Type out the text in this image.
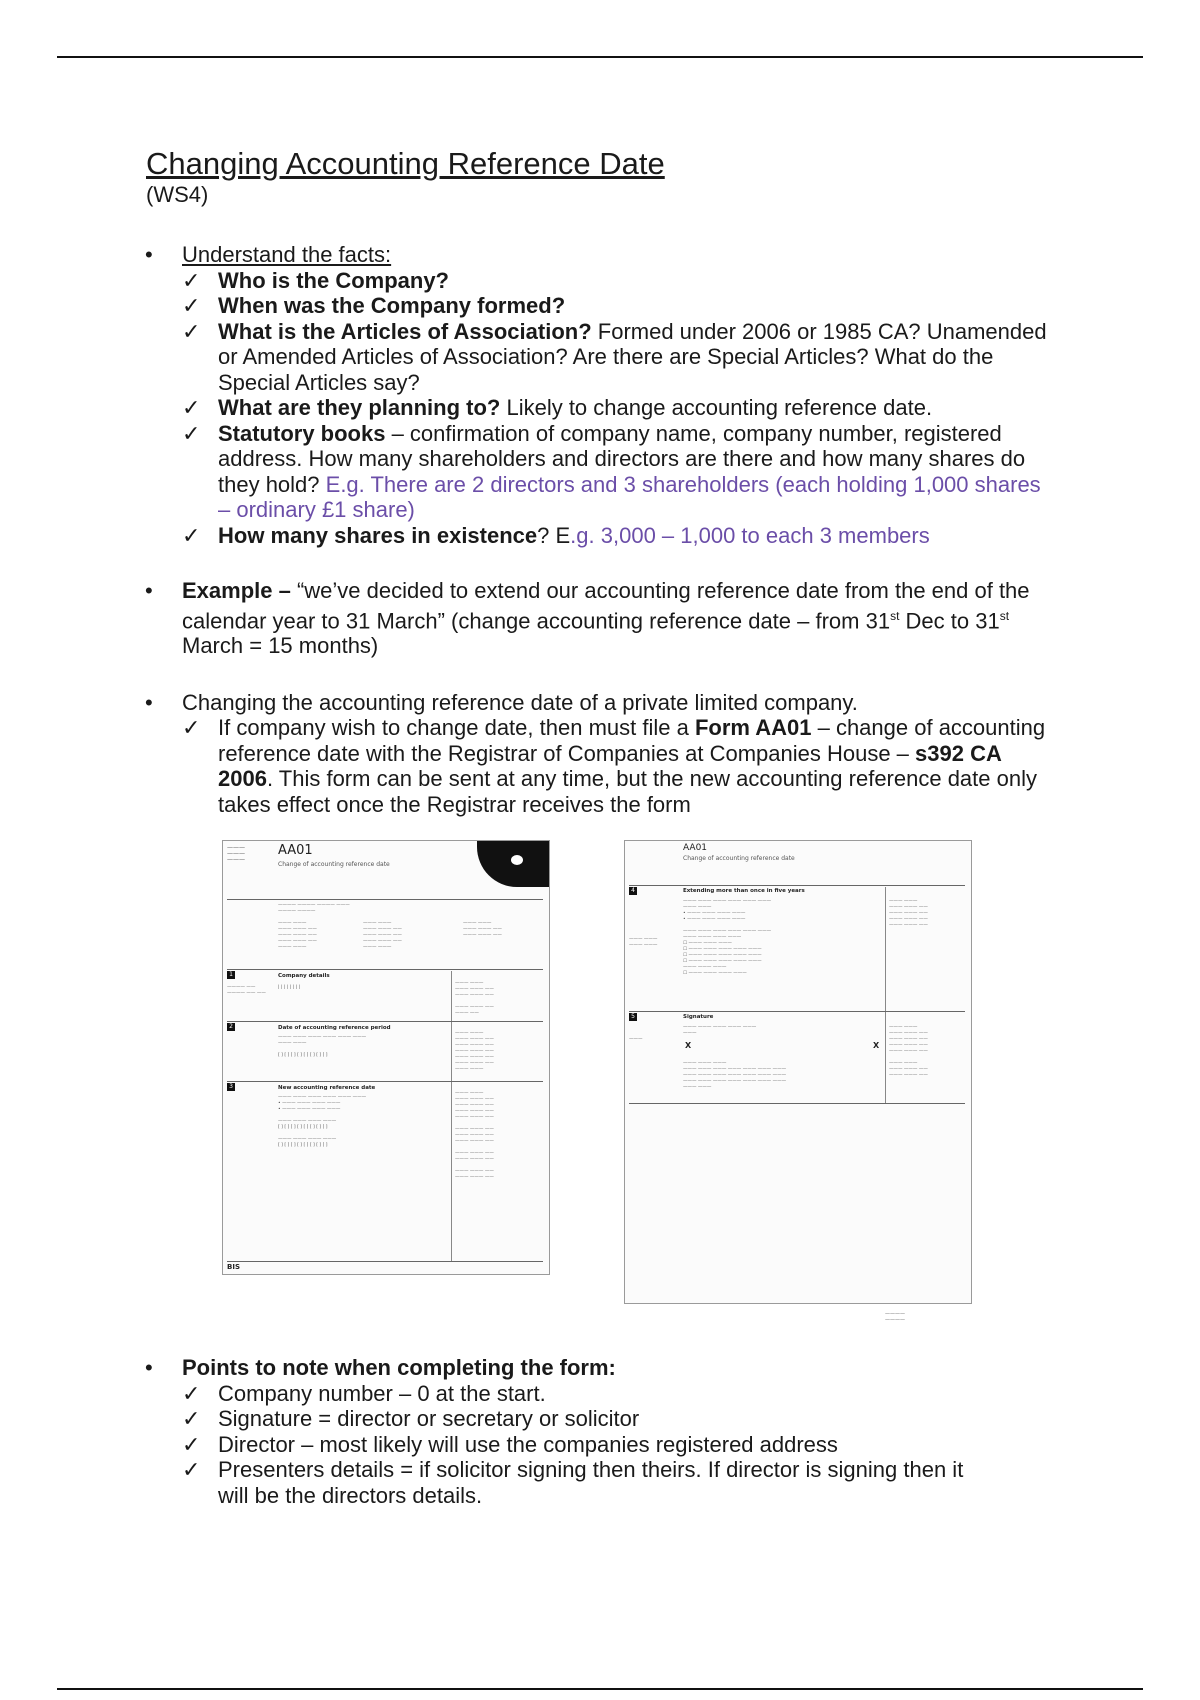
Changing Accounting Reference Date

(WS4)

• Understand the facts:
✓ Who is the Company?
✓ When was the Company formed?
✓ What is the Articles of Association? Formed under 2006 or 1985 CA? Unamended
or Amended Articles of Association? Are there are Special Articles? What do the
Special Articles say?
✓ What are they planning to? Likely to change accounting reference date.
✓ Statutory books – confirmation of company name, company number, registered
address. How many shareholders and directors are there and how many shares do
they hold? E.g. There are 2 directors and 3 shareholders (each holding 1,000 shares
– ordinary £1 share)
✓ How many shares in existence? E.g. 3,000 – 1,000 to each 3 members
• Example – “we’ve decided to extend our accounting reference date from the end of the
calendar year to 31 March” (change accounting reference date – from 31st Dec to 31st
March = 15 months)
• Changing the accounting reference date of a private limited company.
✓ If company wish to change date, then must file a Form AA01 – change of accounting
reference date with the Registrar of Companies at Companies House – s392 CA
2006. This form can be sent at any time, but the new accounting reference date only
takes effect once the Registrar receives the form
———
———
———
AA01
Change of accounting reference date
———— ———— ———— ———
———— ————
——— ———
——— ——— ——
——— ——— ——
——— ——— ——
——— ———
——— ———
——— ——— ——
——— ——— ——
——— ——— ——
——— ———
——— ———
——— ——— ——
——— ——— ——
1	Company details
———— ——
———— —— ——
| | | | | | | |
——— ———
——— ——— ——
——— ——— ——

——— ——— ——
——— ——
2	Date of accounting reference period
——— ——— ——— ——— ——— ———
——— ———

[ ] [ ] [ ] [ ] [ ] [ ] [ ] [ ]
——— ———
——— ——— ——
——— ——— ——
——— ——— ——
——— ——— ——
——— ——— ——
——— ———
3	New accounting reference date
——— ——— ——— ——— ——— ———
• ——— ——— ——— ———
• ——— ——— ——— ———

——— ——— ——— ———
[ ] [ ] [ ] [ ] [ ] [ ] [ ] [ ]

——— ——— ——— ———
[ ] [ ] [ ] [ ] [ ] [ ] [ ] [ ]
——— ———
——— ——— ——
——— ——— ——
——— ——— ——
——— ——— ——

——— ——— ——
——— ——— ——
——— ——— ——

——— ——— ——
——— ——— ——

——— ——— ——
——— ——— ——
BIS
AA01
Change of accounting reference date
4	Extending more than once in five years
——— ——— ——— ——— ——— ———
——— ———
• ——— ——— ——— ———
• ——— ——— ——— ———

——— ——— ——— ——— ——— ———
——— ——— ——— ———
☐ ——— ——— ———
☐ ——— ——— ——— ——— ———
☐ ——— ——— ——— ——— ———
☐ ——— ——— ——— ——— ———
——— ——— ———
☐ ——— ——— ——— ———
——— ———
——— ———
——— ———
——— ——— ——
——— ——— ——
——— ——— ——
——— ——— ——
5	Signature
——— ——— ——— ——— ———
———
———
X	X
——— ——— ———
——— ——— ——— ——— ——— ——— ———
——— ——— ——— ——— ——— ——— ———
——— ——— ——— ——— ——— ——— ———
——— ———
——— ———
——— ——— ——
——— ——— ——
——— ——— ——
——— ——— ——

——— ———
——— ——— ——
——— ——— ——
————
————
• Points to note when completing the form:
✓ Company number – 0 at the start.
✓ Signature = director or secretary or solicitor
✓ Director – most likely will use the companies registered address
✓ Presenters details = if solicitor signing then theirs. If director is signing then it
will be the directors details.
